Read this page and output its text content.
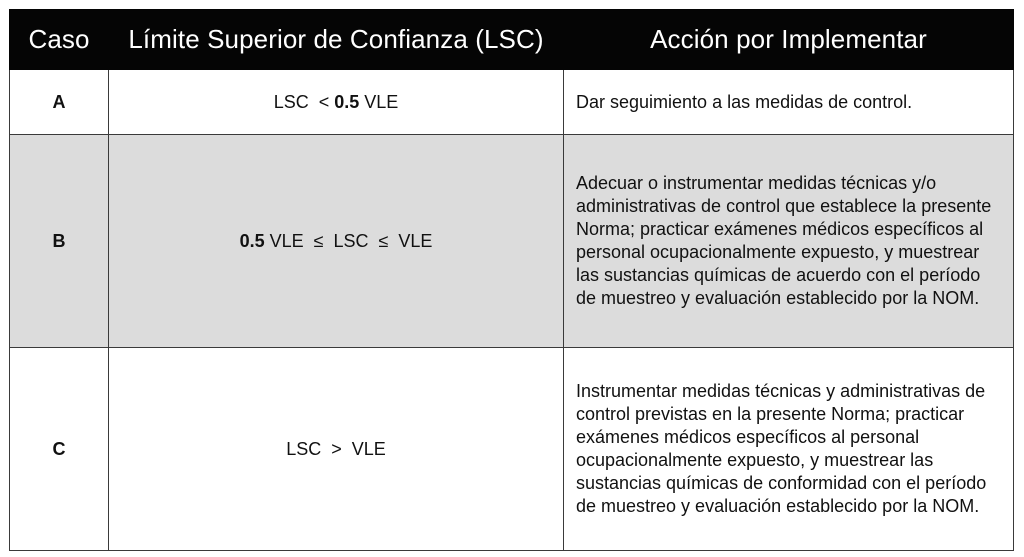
Caso	Límite Superior de Confianza (LSC)	Acción por Implementar
A	LSC  < 0.5 VLE	Dar seguimiento a las medidas de control.
B	0.5 VLE  ≤  LSC  ≤  VLE	Adecuar o instrumentar medidas técnicas y/o administrativas de control que establece la presente Norma; practicar exámenes médicos específicos al personal ocupacionalmente expuesto, y muestrear las sustancias químicas de acuerdo con el período de muestreo y evaluación establecido por la NOM.
C	LSC  >  VLE	Instrumentar medidas técnicas y administrativas de control previstas en la presente Norma; practicar exámenes médicos específicos al personal ocupacionalmente expuesto, y muestrear las sustancias químicas de conformidad con el período de muestreo y evaluación establecido por la NOM.
